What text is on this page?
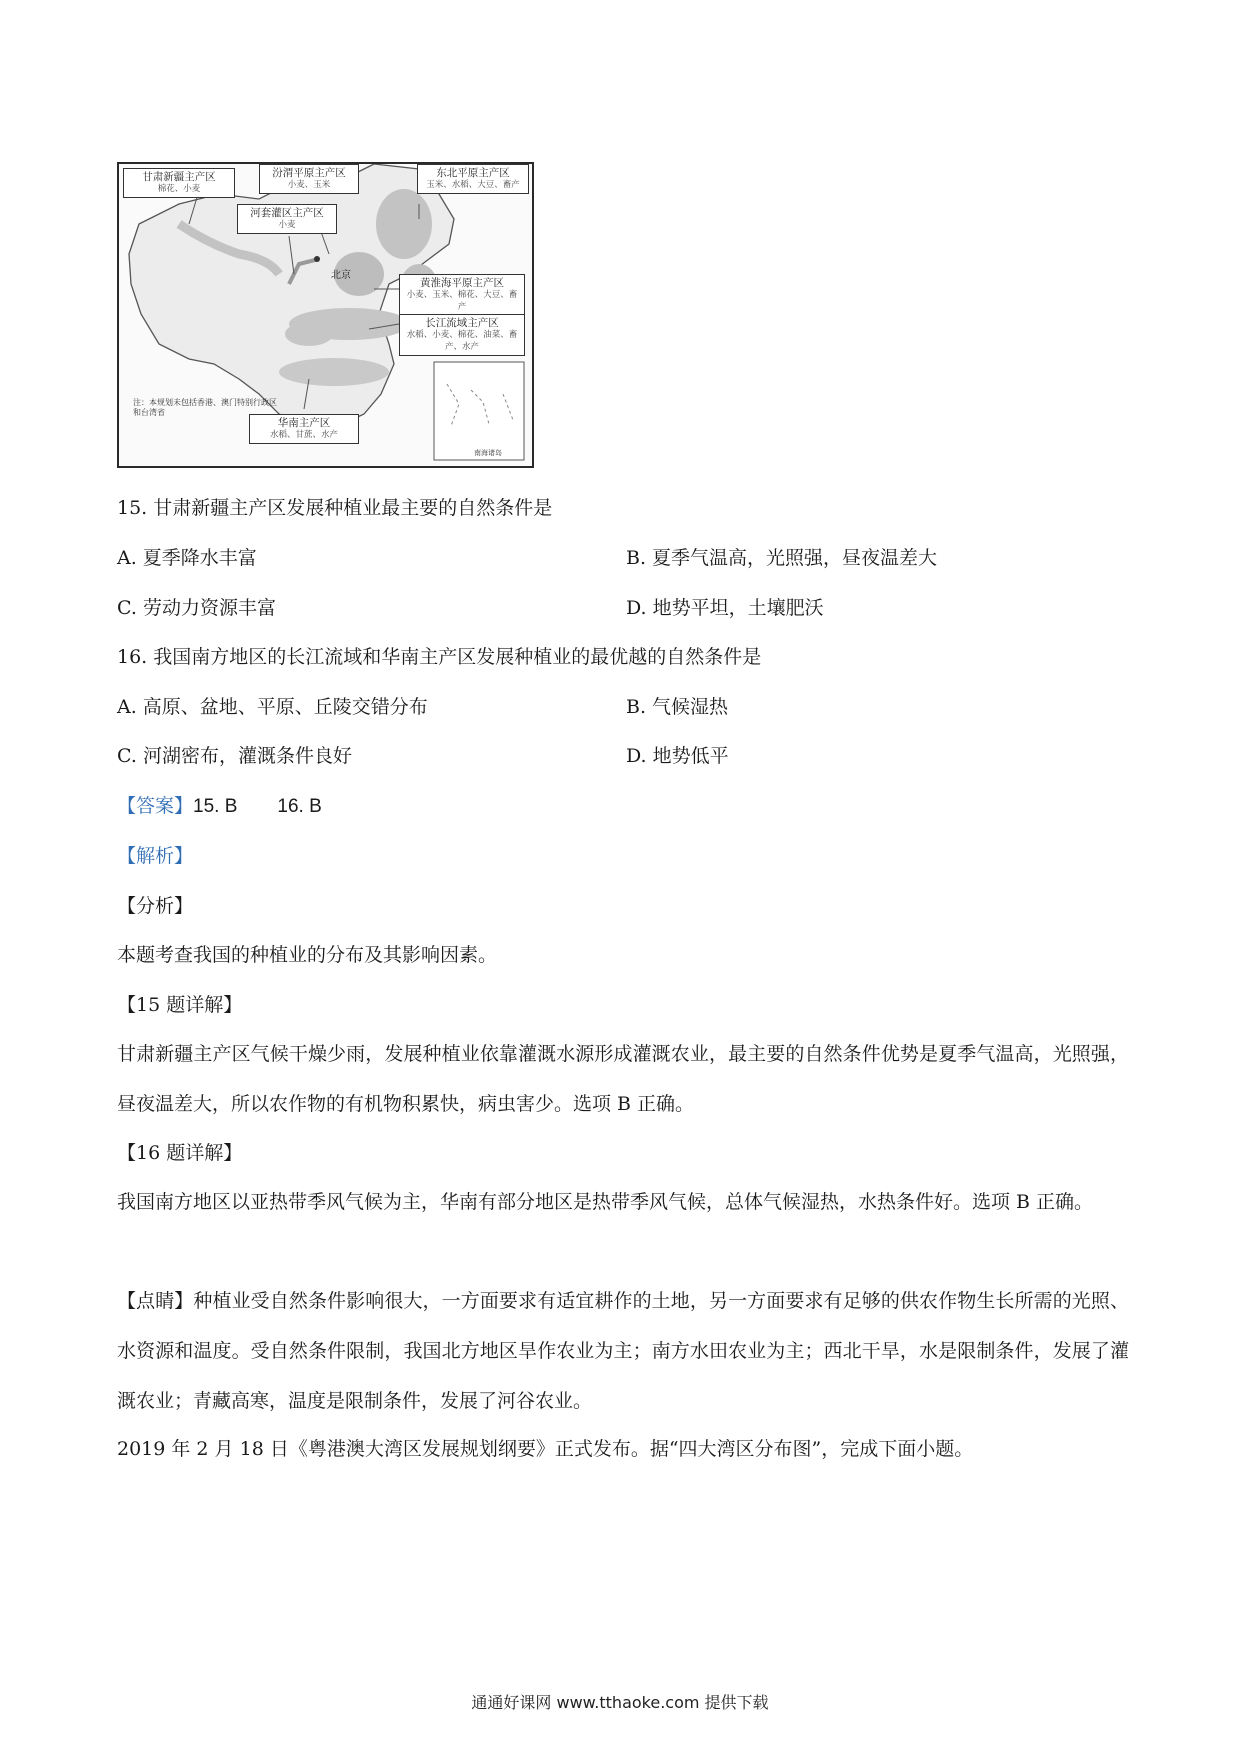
甘肃新疆主产区
棉花、小麦
汾渭平原主产区
小麦、玉米
河套灌区主产区
小麦
东北平原主产区
玉米、水稻、大豆、畜产
黄淮海平原主产区
小麦、玉米、棉花、大豆、畜产
长江流域主产区
水稻、小麦、棉花、油菜、畜产、水产
华南主产区
水稻、甘蔗、水产
北京
注：本规划未包括香港、澳门特别行政区和台湾省
南海诸岛
15. 甘肃新疆主产区发展种植业最主要的自然条件是
A. 夏季降水丰富	B. 夏季气温高，光照强，昼夜温差大
C. 劳动力资源丰富	D. 地势平坦，土壤肥沃
16. 我国南方地区的长江流域和华南主产区发展种植业的最优越的自然条件是
A. 高原、盆地、平原、丘陵交错分布	B. 气候湿热
C. 河湖密布，灌溉条件良好	D. 地势低平
【答案】15. B 16. B
【解析】
【分析】
本题考查我国的种植业的分布及其影响因素。
【15 题详解】
甘肃新疆主产区气候干燥少雨，发展种植业依靠灌溉水源形成灌溉农业，最主要的自然条件优势是夏季气温高，光照强，昼夜温差大，所以农作物的有机物积累快，病虫害少。选项 B 正确。
【16 题详解】
我国南方地区以亚热带季风气候为主，华南有部分地区是热带季风气候，总体气候湿热，水热条件好。选项 B 正确。
【点睛】种植业受自然条件影响很大，一方面要求有适宜耕作的土地，另一方面要求有足够的供农作物生长所需的光照、水资源和温度。受自然条件限制，我国北方地区旱作农业为主；南方水田农业为主；西北干旱，水是限制条件，发展了灌溉农业；青藏高寒，温度是限制条件，发展了河谷农业。
2019 年 2 月 18 日《粤港澳大湾区发展规划纲要》正式发布。据“四大湾区分布图”，完成下面小题。
通通好课网 www.tthaoke.com 提供下载
